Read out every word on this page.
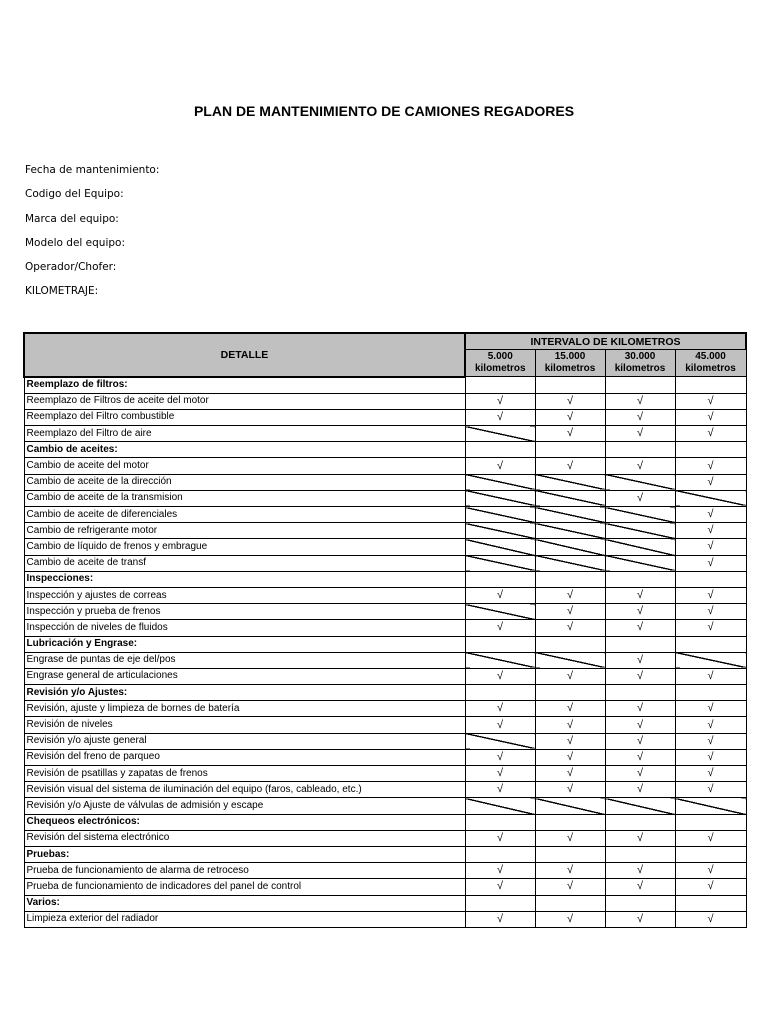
PLAN DE MANTENIMIENTO DE CAMIONES REGADORES
Fecha de mantenimiento:
Codigo del Equipo:
Marca del equipo:
Modelo del equipo:
Operador/Chofer:
KILOMETRAJE:
DETALLE	INTERVALO DE KILOMETROS			
	5.000 kilometros	15.000 kilometros	30.000 kilometros	45.000 kilometros
Reemplazo de filtros:				
Reemplazo de Filtros de aceite del motor	√	√	√	√
Reemplazo del Filtro combustible	√	√	√	√
Reemplazo del Filtro de aire		√	√	√
Cambio de aceites:				
Cambio de aceite del motor	√	√	√	√
Cambio de aceite de la dirección				√
Cambio de aceite de la transmision			√	
Cambio de aceite de diferenciales				√
Cambio de refrigerante motor				√
Cambio de líquido de frenos y embrague				√
Cambio de aceite de transf				√
Inspecciones:				
Inspección y ajustes de correas	√	√	√	√
Inspección y prueba de frenos		√	√	√
Inspección de niveles de fluidos	√	√	√	√
Lubricación y Engrase:				
Engrase de puntas de eje del/pos			√	
Engrase general de articulaciones	√	√	√	√
Revisión y/o Ajustes:				
Revisión, ajuste y limpieza de bornes de batería	√	√	√	√
Revisión de niveles	√	√	√	√
Revisión y/o ajuste general		√	√	√
Revisión del freno de parqueo	√	√	√	√
Revisión de psatillas y zapatas de frenos	√	√	√	√
Revisión visual del sistema de iluminación del equipo (faros, cableado, etc.)	√	√	√	√
Revisión y/o Ajuste de válvulas de admisión y escape				
Chequeos electrónicos:				
Revisión del sistema electrónico	√	√	√	√
Pruebas:				
Prueba de funcionamiento de alarma de retroceso	√	√	√	√
Prueba de funcionamiento de indicadores del panel de control	√	√	√	√
Varios:				
Limpieza exterior del radiador	√	√	√	√
